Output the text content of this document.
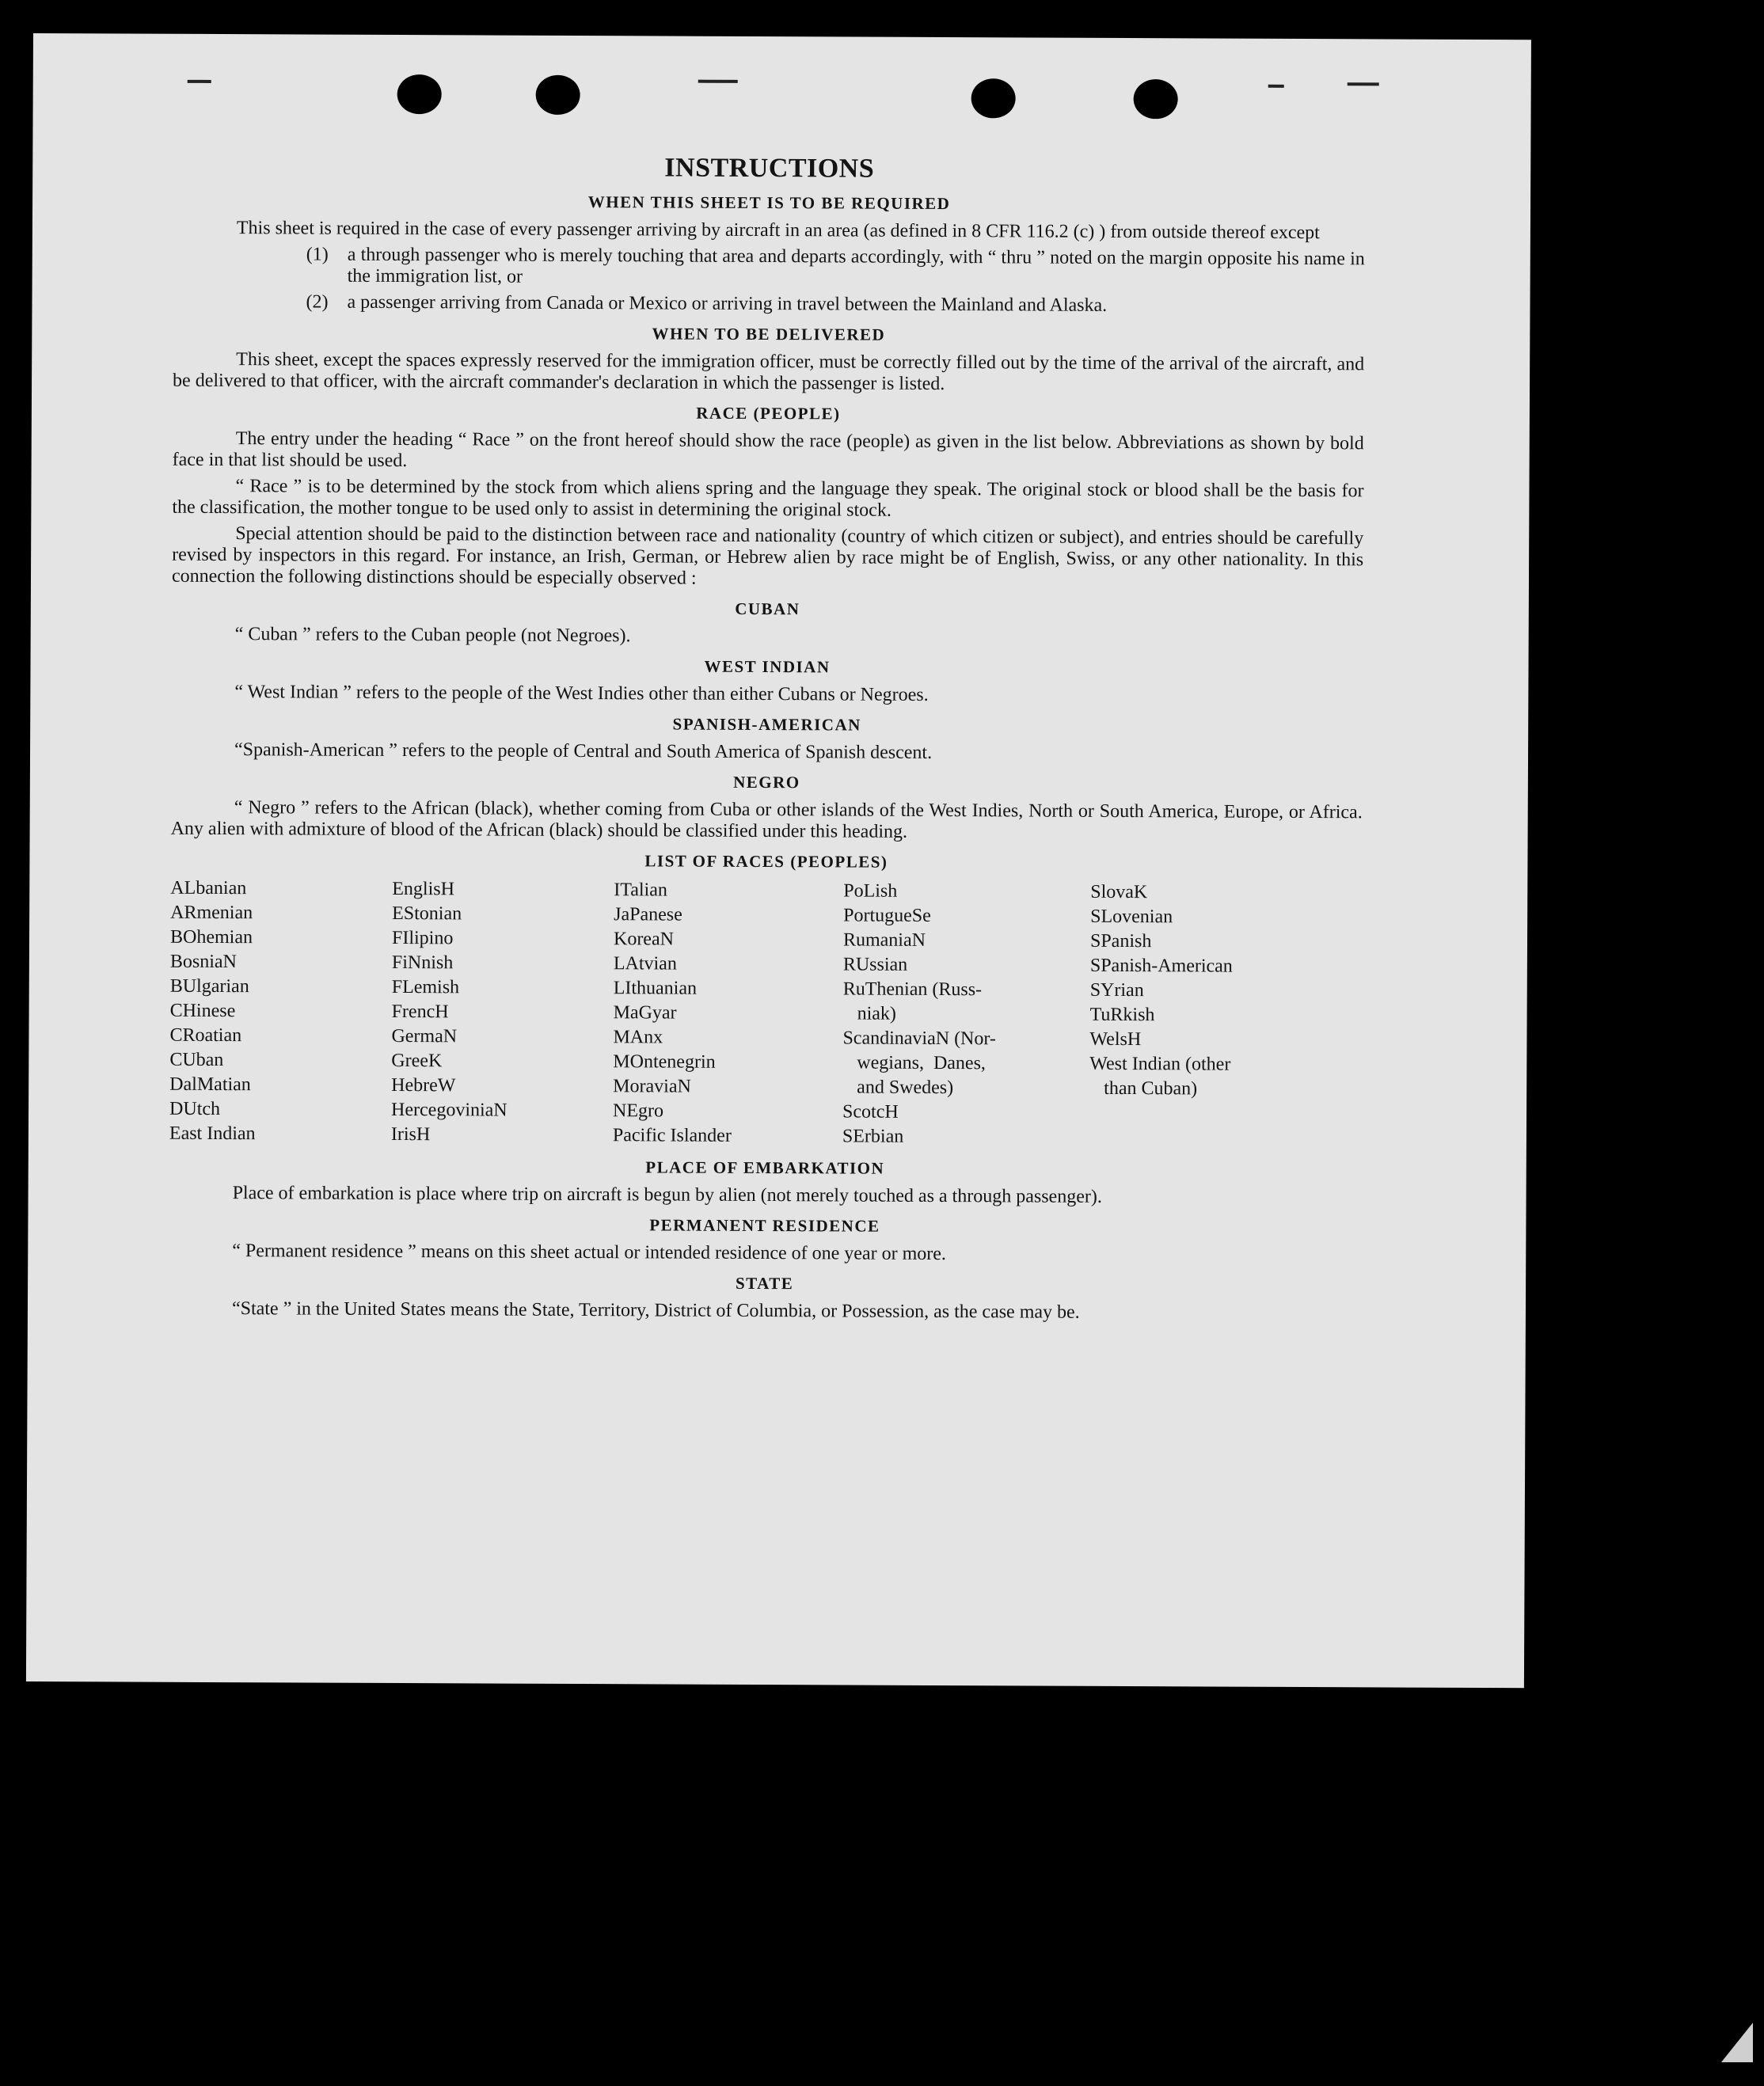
INSTRUCTIONS
WHEN THIS SHEET IS TO BE REQUIRED

This sheet is required in the case of every passenger arriving by aircraft in an area (as defined in 8 CFR 116.2 (c) ) from outside thereof except

(1) a through passenger who is merely touching that area and departs accordingly, with “ thru ” noted on the margin opposite his name in the immigration list, or
(2) a passenger arriving from Canada or Mexico or arriving in travel between the Mainland and Alaska.
WHEN TO BE DELIVERED

This sheet, except the spaces expressly reserved for the immigration officer, must be correctly filled out by the time of the arrival of the aircraft, and be delivered to that officer, with the aircraft commander's declaration in which the passenger is listed.

RACE (PEOPLE)

The entry under the heading “ Race ” on the front hereof should show the race (people) as given in the list below. Abbreviations as shown by bold face in that list should be used.

“ Race ” is to be determined by the stock from which aliens spring and the language they speak. The original stock or blood shall be the basis for the classification, the mother tongue to be used only to assist in determining the original stock.

Special attention should be paid to the distinction between race and nationality (country of which citizen or subject), and entries should be carefully revised by inspectors in this regard. For instance, an Irish, German, or Hebrew alien by race might be of English, Swiss, or any other nationality. In this connection the following distinctions should be especially observed :

CUBAN

“ Cuban ” refers to the Cuban people (not Negroes).

WEST INDIAN

“ West Indian ” refers to the people of the West Indies other than either Cubans or Negroes.

SPANISH-AMERICAN

“Spanish-American ” refers to the people of Central and South America of Spanish descent.

NEGRO

“ Negro ” refers to the African (black), whether coming from Cuba or other islands of the West Indies, North or South America, Europe, or Africa. Any alien with admixture of blood of the African (black) should be classified under this heading.

LIST OF RACES (PEOPLES)
ALbanian
ARmenian
BOhemian
BosniaN
BUlgarian
CHinese
CRoatian
CUban
DalMatian
DUtch
East Indian
EnglisH
EStonian
FIlipino
FiNnish
FLemish
FrencH
GermaN
GreeK
HebreW
HercegoviniaN
IrisH
ITalian
JaPanese
KoreaN
LAtvian
LIthuanian
MaGyar
MAnx
MOntenegrin
MoraviaN
NEgro
Pacific Islander
PoLish
PortugueSe
RumaniaN
RUssian
RuThenian (Russ-
niak)
ScandinaviaN (Nor-
wegians,  Danes,
and Swedes)
ScotcH
SErbian
SlovaK
SLovenian
SPanish
SPanish-American
SYrian
TuRkish
WelsH
West Indian (other
than Cuban)
PLACE OF EMBARKATION

Place of embarkation is place where trip on aircraft is begun by alien (not merely touched as a through passenger).

PERMANENT RESIDENCE

“ Permanent residence ” means on this sheet actual or intended residence of one year or more.

STATE

“State ” in the United States means the State, Territory, District of Columbia, or Possession, as the case may be.
